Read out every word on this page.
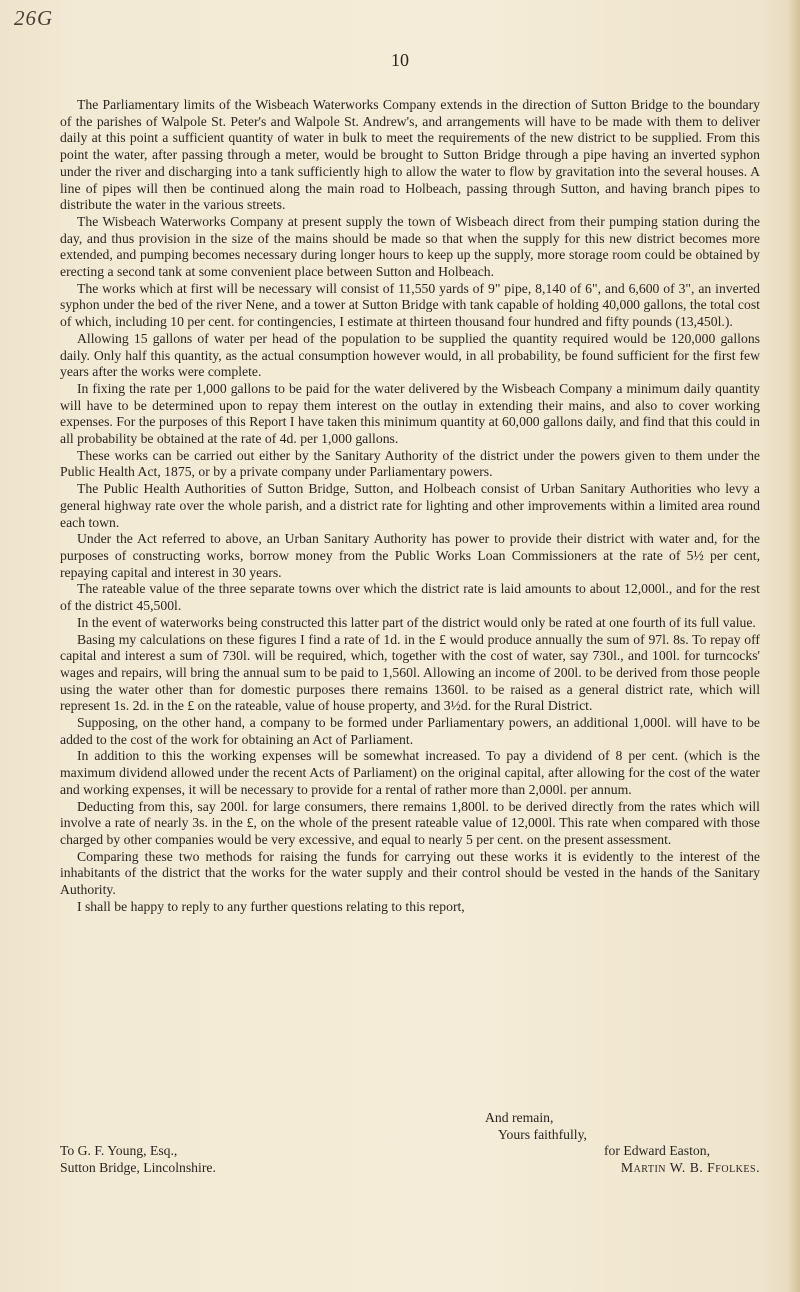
26G
10

The Parliamentary limits of the Wisbeach Waterworks Company extends in the direction of Sutton Bridge to the boundary of the parishes of Walpole St. Peter's and Walpole St. Andrew's, and arrangements will have to be made with them to deliver daily at this point a sufficient quantity of water in bulk to meet the requirements of the new district to be supplied. From this point the water, after passing through a meter, would be brought to Sutton Bridge through a pipe having an inverted syphon under the river and discharging into a tank sufficiently high to allow the water to flow by gravitation into the several houses. A line of pipes will then be continued along the main road to Holbeach, passing through Sutton, and having branch pipes to distribute the water in the various streets.

The Wisbeach Waterworks Company at present supply the town of Wisbeach direct from their pumping station during the day, and thus provision in the size of the mains should be made so that when the supply for this new district becomes more extended, and pumping becomes necessary during longer hours to keep up the supply, more storage room could be obtained by erecting a second tank at some convenient place between Sutton and Holbeach.

The works which at first will be necessary will consist of 11,550 yards of 9" pipe, 8,140 of 6", and 6,600 of 3", an inverted syphon under the bed of the river Nene, and a tower at Sutton Bridge with tank capable of holding 40,000 gallons, the total cost of which, including 10 per cent. for contingencies, I estimate at thirteen thousand four hundred and fifty pounds (13,450l.).

Allowing 15 gallons of water per head of the population to be supplied the quantity required would be 120,000 gallons daily. Only half this quantity, as the actual consumption however would, in all probability, be found sufficient for the first few years after the works were complete.

In fixing the rate per 1,000 gallons to be paid for the water delivered by the Wisbeach Company a minimum daily quantity will have to be determined upon to repay them interest on the outlay in extending their mains, and also to cover working expenses. For the purposes of this Report I have taken this minimum quantity at 60,000 gallons daily, and find that this could in all probability be obtained at the rate of 4d. per 1,000 gallons.

These works can be carried out either by the Sanitary Authority of the district under the powers given to them under the Public Health Act, 1875, or by a private company under Parliamentary powers.

The Public Health Authorities of Sutton Bridge, Sutton, and Holbeach consist of Urban Sanitary Authorities who levy a general highway rate over the whole parish, and a district rate for lighting and other improvements within a limited area round each town.

Under the Act referred to above, an Urban Sanitary Authority has power to provide their district with water and, for the purposes of constructing works, borrow money from the Public Works Loan Commissioners at the rate of 5½ per cent, repaying capital and interest in 30 years.

The rateable value of the three separate towns over which the district rate is laid amounts to about 12,000l., and for the rest of the district 45,500l.

In the event of waterworks being constructed this latter part of the district would only be rated at one fourth of its full value.

Basing my calculations on these figures I find a rate of 1d. in the £ would produce annually the sum of 97l. 8s. To repay off capital and interest a sum of 730l. will be required, which, together with the cost of water, say 730l., and 100l. for turncocks' wages and repairs, will bring the annual sum to be paid to 1,560l. Allowing an income of 200l. to be derived from those people using the water other than for domestic purposes there remains 1360l. to be raised as a general district rate, which will represent 1s. 2d. in the £ on the rateable, value of house property, and 3½d. for the Rural District.

Supposing, on the other hand, a company to be formed under Parliamentary powers, an additional 1,000l. will have to be added to the cost of the work for obtaining an Act of Parliament.

In addition to this the working expenses will be somewhat increased. To pay a dividend of 8 per cent. (which is the maximum dividend allowed under the recent Acts of Parliament) on the original capital, after allowing for the cost of the water and working expenses, it will be necessary to provide for a rental of rather more than 2,000l. per annum.

Deducting from this, say 200l. for large consumers, there remains 1,800l. to be derived directly from the rates which will involve a rate of nearly 3s. in the £, on the whole of the present rateable value of 12,000l. This rate when compared with those charged by other companies would be very excessive, and equal to nearly 5 per cent. on the present assessment.

Comparing these two methods for raising the funds for carrying out these works it is evidently to the interest of the inhabitants of the district that the works for the water supply and their control should be vested in the hands of the Sanitary Authority.

I shall be happy to reply to any further questions relating to this report,

And remain,
Yours faithfully,
To G. F. Young, Esq.,	for Edward Easton,
Sutton Bridge, Lincolnshire.	Martin W. B. Ffolkes.
